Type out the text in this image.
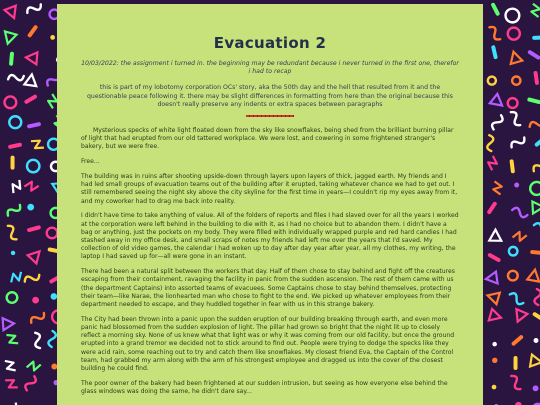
Evacuation 2
10/03/2022: the assignment i turned in. the beginning may be redundant because i never turned in the first one, therefor i had to recap
this is part of my lobotomy corporation OCs' story, aka the 50th day and the hell that resulted from it and the questionable peace following it. there may be slight differences in formatting from here than the original because this doesn't really preserve any indents or extra spaces between paragraphs

Mysterious specks of white light floated down from the sky like snowflakes, being shed from the brilliant burning pillar of light that had erupted from our old tattered workplace. We were lost, and cowering in some frightened stranger's bakery, but we were free.

Free...

The building was in ruins after shooting upside-down through layers upon layers of thick, jagged earth. My friends and I had led small groups of evacuation teams out of the building after it erupted, taking whatever chance we had to get out. I still remembered seeing the night sky above the city skyline for the first time in years—I couldn't rip my eyes away from it, and my coworker had to drag me back into reality.

I didn't have time to take anything of value. All of the folders of reports and files I had slaved over for all the years I worked at the corporation were left behind in the building to die with it, as I had no choice but to abandon them. I didn't have a bag or anything, just the pockets on my body. They were filled with individually wrapped purple and red hard candies I had stashed away in my office desk, and small scraps of notes my friends had left me over the years that I'd saved. My collection of old video games, the calendar I had woken up to day after day year after year, all my clothes, my writing, the laptop I had saved up for—all were gone in an instant.

There had been a natural split between the workers that day. Half of them chose to stay behind and fight off the creatures escaping from their containment, ravaging the facility in panic from the sudden ascension. The rest of them came with us (the department Captains) into assorted teams of evacuees. Some Captains chose to stay behind themselves, protecting their team—like Narae, the lionhearted man who chose to fight to the end. We picked up whatever employees from their department needed to escape, and they huddled together in fear with us in this strange bakery.

The City had been thrown into a panic upon the sudden eruption of our building breaking through earth, and even more panic had blossomed from the sudden explosion of light. The pillar had grown so bright that the night lit up to closely reflect a morning sky. None of us knew what that light was or why it was coming from our old facility, but once the ground erupted into a grand tremor we decided not to stick around to find out. People were trying to dodge the specks like they were acid rain, some reaching out to try and catch them like snowflakes. My closest friend Eva, the Captain of the Control team, had grabbed my arm along with the arm of his strongest employee and dragged us into the cover of the closest building he could find.

The poor owner of the bakery had been frightened at our sudden intrusion, but seeing as how everyone else behind the glass windows was doing the same, he didn't dare say...
